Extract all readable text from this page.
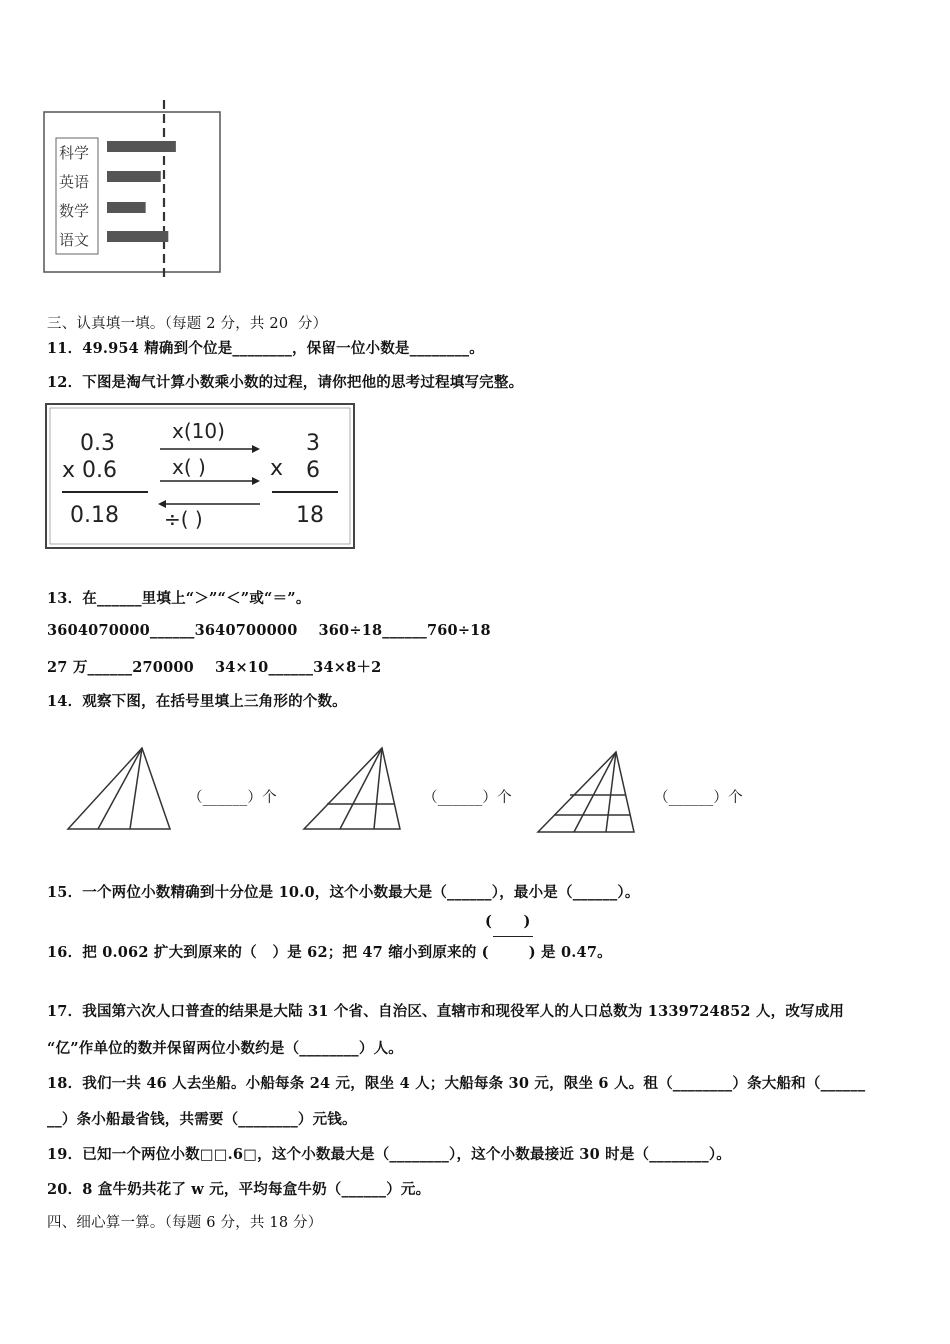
科学
英语
数学
语文
三、认真填一填。（每题 2 分，共 20  分）
11．49.954 精确到个位是________，保留一位小数是________。
12．下图是淘气计算小数乘小数的过程，请你把他的思考过程填写完整。
0.3
x 0.6
0.18
x(10)
x( )
÷( )
x
3
6
18
13．在______里填上“＞”“＜”或“＝”。
3604070000______3640700000    360÷18______760÷18
27 万______270000    34×10______34×8＋2
14．观察下图，在括号里填上三角形的个数。
（______）个	（______）个	（______）个
15．一个两位小数精确到十分位是 10.0，这个小数最大是（______），最小是（______）。
(      )
16．把 0.062 扩大到原来的（   ）是 62；把 47 缩小到原来的 (	) 是 0.47。
17．我国第六次人口普查的结果是大陆 31 个省、自治区、直辖市和现役军人的人口总数为 1339724852 人，改写成用
“亿”作单位的数并保留两位小数约是（________）人。
18．我们一共 46 人去坐船。小船每条 24 元，限坐 4 人；大船每条 30 元，限坐 6 人。租（________）条大船和（______
__）条小船最省钱，共需要（________）元钱。
19．已知一个两位小数□□.6□，这个小数最大是（________），这个小数最接近 30 时是（________）。
20．8 盒牛奶共花了 w 元，平均每盒牛奶（______）元。
四、细心算一算。（每题 6 分，共 18 分）
